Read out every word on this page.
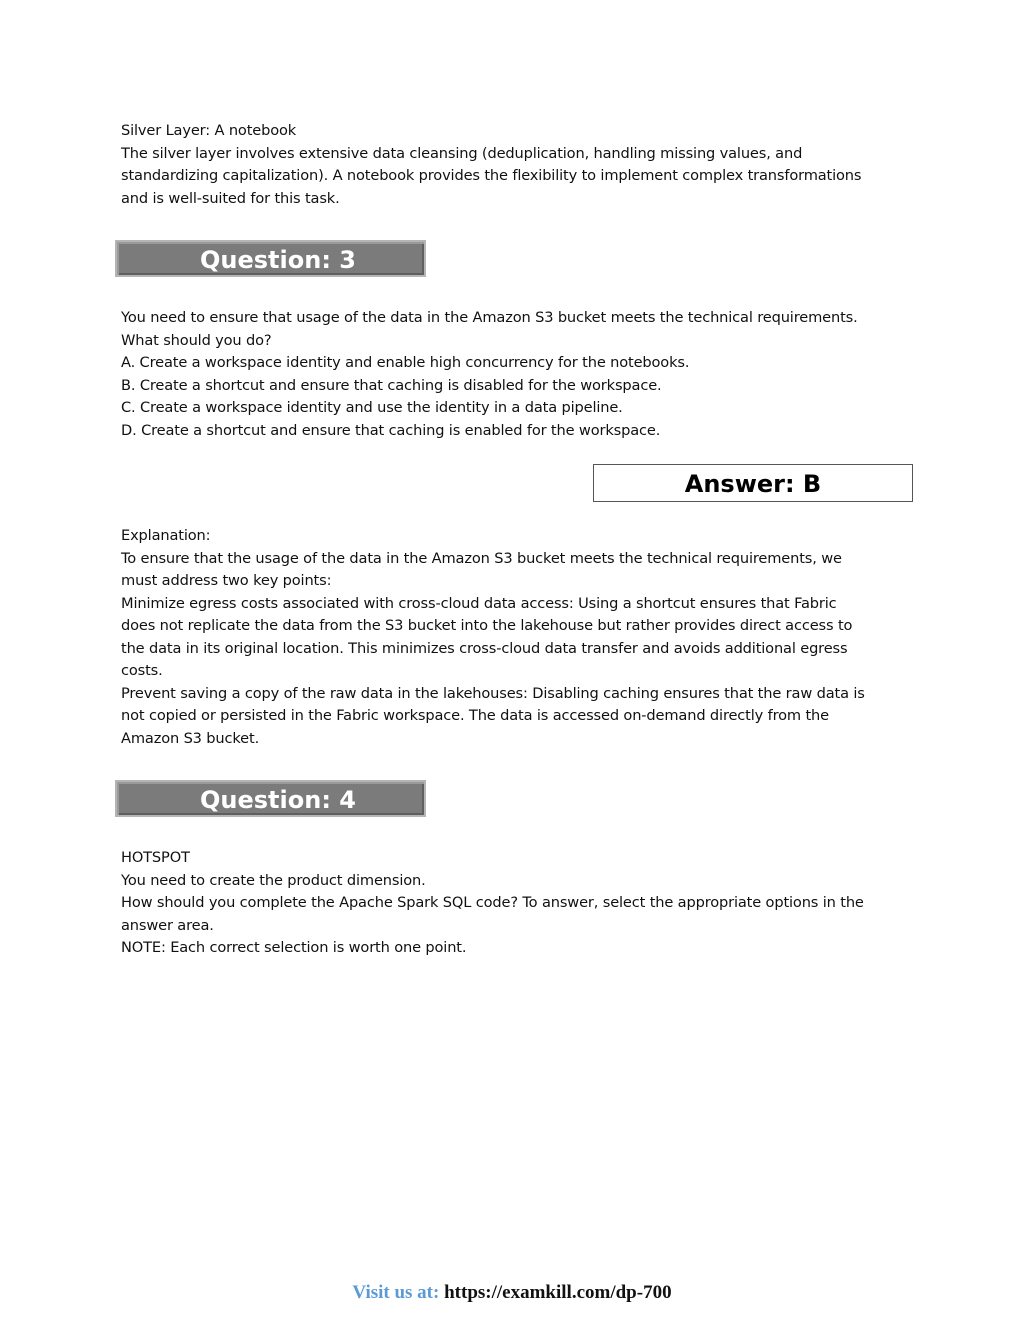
Silver Layer: A notebook

The silver layer involves extensive data cleansing (deduplication, handling missing values, and

standardizing capitalization). A notebook provides the flexibility to implement complex transformations

and is well-suited for this task.

Question: 3

You need to ensure that usage of the data in the Amazon S3 bucket meets the technical requirements.

What should you do?

A. Create a workspace identity and enable high concurrency for the notebooks.

B. Create a shortcut and ensure that caching is disabled for the workspace.

C. Create a workspace identity and use the identity in a data pipeline.

D. Create a shortcut and ensure that caching is enabled for the workspace.

Answer: B

Explanation:

To ensure that the usage of the data in the Amazon S3 bucket meets the technical requirements, we

must address two key points:

Minimize egress costs associated with cross-cloud data access: Using a shortcut ensures that Fabric

does not replicate the data from the S3 bucket into the lakehouse but rather provides direct access to

the data in its original location. This minimizes cross-cloud data transfer and avoids additional egress

costs.

Prevent saving a copy of the raw data in the lakehouses: Disabling caching ensures that the raw data is

not copied or persisted in the Fabric workspace. The data is accessed on-demand directly from the

Amazon S3 bucket.

Question: 4

HOTSPOT

You need to create the product dimension.

How should you complete the Apache Spark SQL code? To answer, select the appropriate options in the

answer area.

NOTE: Each correct selection is worth one point.

Visit us at: https://examkill.com/dp-700
